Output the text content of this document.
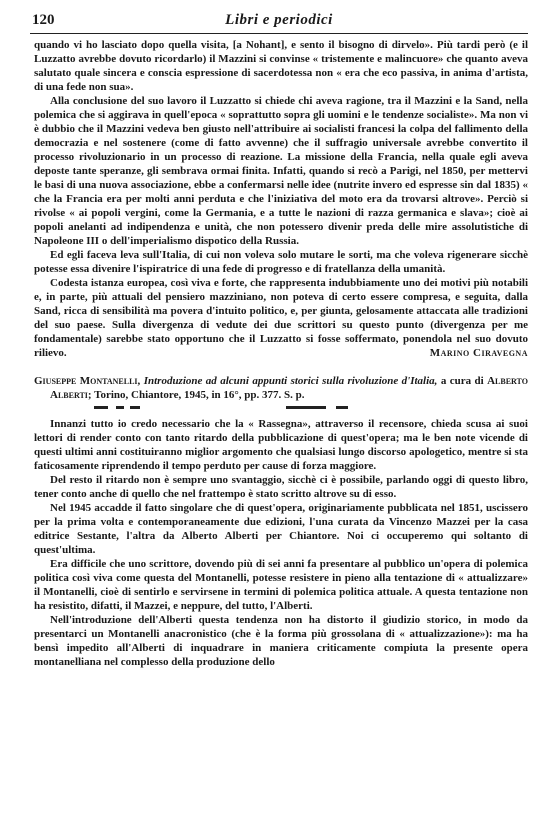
120	Libri e periodici

quando vi ho lasciato dopo quella visita, [a Nohant], e sento il bisogno di dirvelo». Più tardi però (e il Luzzatto avrebbe dovuto ricordarlo) il Mazzini si convinse « tristemente e malincuore» che quanto aveva salutato quale sincera e conscia espressione di sacerdotessa non « era che eco passiva, in anima d'artista, di una fede non sua».

Alla conclusione del suo lavoro il Luzzatto si chiede chi aveva ragione, tra il Mazzini e la Sand, nella polemica che si aggirava in quell'epoca « soprattutto sopra gli uomini e le tendenze socialiste». Ma non vi è dubbio che il Mazzini vedeva ben giusto nell'attribuire ai socialisti francesi la colpa del fallimento della democrazia e nel sostenere (come di fatto avvenne) che il suffragio universale avrebbe convertito il processo rivoluzionario in un processo di reazione. La missione della Francia, nella quale egli aveva deposte tante speranze, gli sembrava ormai finita. Infatti, quando si recò a Parigi, nel 1850, per mettervi le basi di una nuova associazione, ebbe a confermarsi nelle idee (nutrite invero ed espresse sin dal 1835) « che la Francia era per molti anni perduta e che l'iniziativa del moto era da trovarsi altrove». Perciò si rivolse « ai popoli vergini, come la Germania, e a tutte le nazioni di razza germanica e slava»; cioè ai popoli anelanti ad indipendenza e unità, che non potessero divenir preda delle mire assolutistiche di Napoleone III o dell'imperialismo dispotico della Russia.

Ed egli faceva leva sull'Italia, di cui non voleva solo mutare le sorti, ma che voleva rigenerare sicchè potesse essa divenire l'ispiratrice di una fede di progresso e di fratellanza della umanità.

Codesta istanza europea, così viva e forte, che rappresenta indubbiamente uno dei motivi più notabili e, in parte, più attuali del pensiero mazziniano, non poteva di certo essere compresa, e seguita, dalla Sand, ricca di sensibilità ma povera d'intuito politico, e, per giunta, gelosamente attaccata alle tradizioni del suo paese. Sulla divergenza di vedute dei due scrittori su questo punto (divergenza per me fondamentale) sarebbe stato opportuno che il Luzzatto si fosse soffermato, ponendola nel suo dovuto rilievo.	Marino Ciravegna

Giuseppe Montanelli, Introduzione ad alcuni appunti storici sulla rivoluzione d'Italia, a cura di Alberto Alberti; Torino, Chiantore, 1945, in 16°, pp. 377. S. p.

Innanzi tutto io credo necessario che la « Rassegna», attraverso il recensore, chieda scusa ai suoi lettori di render conto con tanto ritardo della pubblicazione di quest'opera; ma le ben note vicende di questi ultimi anni costituiranno miglior argomento che qualsiasi lungo discorso apologetico, mentre si sta faticosamente riprendendo il tempo perduto per cause di forza maggiore.

Del resto il ritardo non è sempre uno svantaggio, sicchè ci è possibile, parlando oggi di questo libro, tener conto anche di quello che nel frattempo è stato scritto altrove su di esso.

Nel 1945 accadde il fatto singolare che di quest'opera, originariamente pubblicata nel 1851, uscissero per la prima volta e contemporaneamente due edizioni, l'una curata da Vincenzo Mazzei per la casa editrice Sestante, l'altra da Alberto Alberti per Chiantore. Noi ci occuperemo qui soltanto di quest'ultima.

Era difficile che uno scrittore, dovendo più di sei anni fa presentare al pubblico un'opera di polemica politica così viva come questa del Montanelli, potesse resistere in pieno alla tentazione di « attualizzare» il Montanelli, cioè di sentirlo e servirsene in termini di polemica politica attuale. A questa tentazione non ha resistito, difatti, il Mazzei, e neppure, del tutto, l'Alberti.

Nell'introduzione dell'Alberti questa tendenza non ha distorto il giudizio storico, in modo da presentarci un Montanelli anacronistico (che è la forma più grossolana di « attualizzazione»): ma ha bensì impedito all'Alberti di inquadrare in maniera criticamente compiuta la presente opera montanelliana nel complesso della produzione dello
